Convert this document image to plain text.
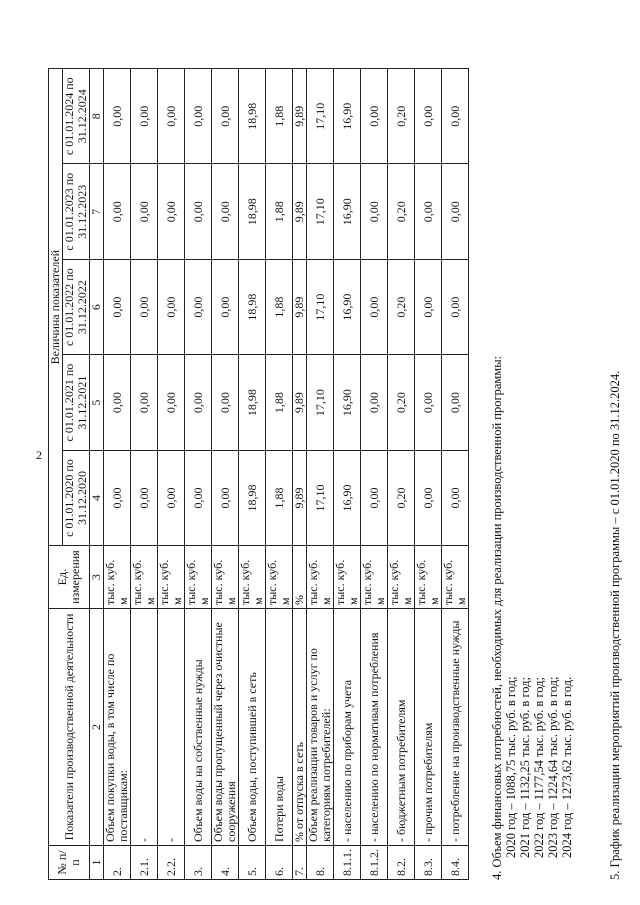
2
№ п/п	Показатели производственной деятельности	Ед. измерения	Величина показателей				
			с 01.01.2020 по 31.12.2020	с 01.01.2021 по 31.12.2021	с 01.01.2022 по 31.12.2022	с 01.01.2023 по 31.12.2023	с 01.01.2024 по 31.12.2024
1	2	3	4	5	6	7	8
2.	Объем покупки воды, в том числе по поставщикам:	тыс. куб. м	0,00	0,00	0,00	0,00	0,00
2.1.	-	тыс. куб. м	0,00	0,00	0,00	0,00	0,00
2.2.	-	тыс. куб. м	0,00	0,00	0,00	0,00	0,00
3.	Объем воды на собственные нужды	тыс. куб. м	0,00	0,00	0,00	0,00	0,00
4.	Объем воды пропущенный через очистные сооружения	тыс. куб. м	0,00	0,00	0,00	0,00	0,00
5.	Объем воды, поступившей в сеть	тыс. куб. м	18,98	18,98	18,98	18,98	18,98
6.	Потери воды	тыс. куб. м	1,88	1,88	1,88	1,88	1,88
7.	% от отпуска в сеть	%	9,89	9,89	9,89	9,89	9,89
8.	Объем реализации товаров и услуг по категориям потребителей:	тыс. куб. м	17,10	17,10	17,10	17,10	17,10
8.1.1.	- населению по приборам учета	тыс. куб. м	16,90	16,90	16,90	16,90	16,90
8.1.2.	- населению по нормативам потребления	тыс. куб. м	0,00	0,00	0,00	0,00	0,00
8.2.	- бюджетным потребителям	тыс. куб. м	0,20	0,20	0,20	0,20	0,20
8.3.	- прочим потребителям	тыс. куб. м	0,00	0,00	0,00	0,00	0,00
8.4.	- потребление на производственные нужды	тыс. куб. м	0,00	0,00	0,00	0,00	0,00
4. Объем финансовых потребностей, необходимых для реализации производственной программы: 2020 год – 1088,75 тыс. руб. в год; 2021 год – 1132,25 тыс. руб. в год; 2022 год – 1177,54 тыс. руб. в год; 2023 год – 1224,64 тыс. руб. в год; 2024 год – 1273,62 тыс. руб. в год.	5. График реализации мероприятий производственной программы – с 01.01.2020 по 31.12.2024.
